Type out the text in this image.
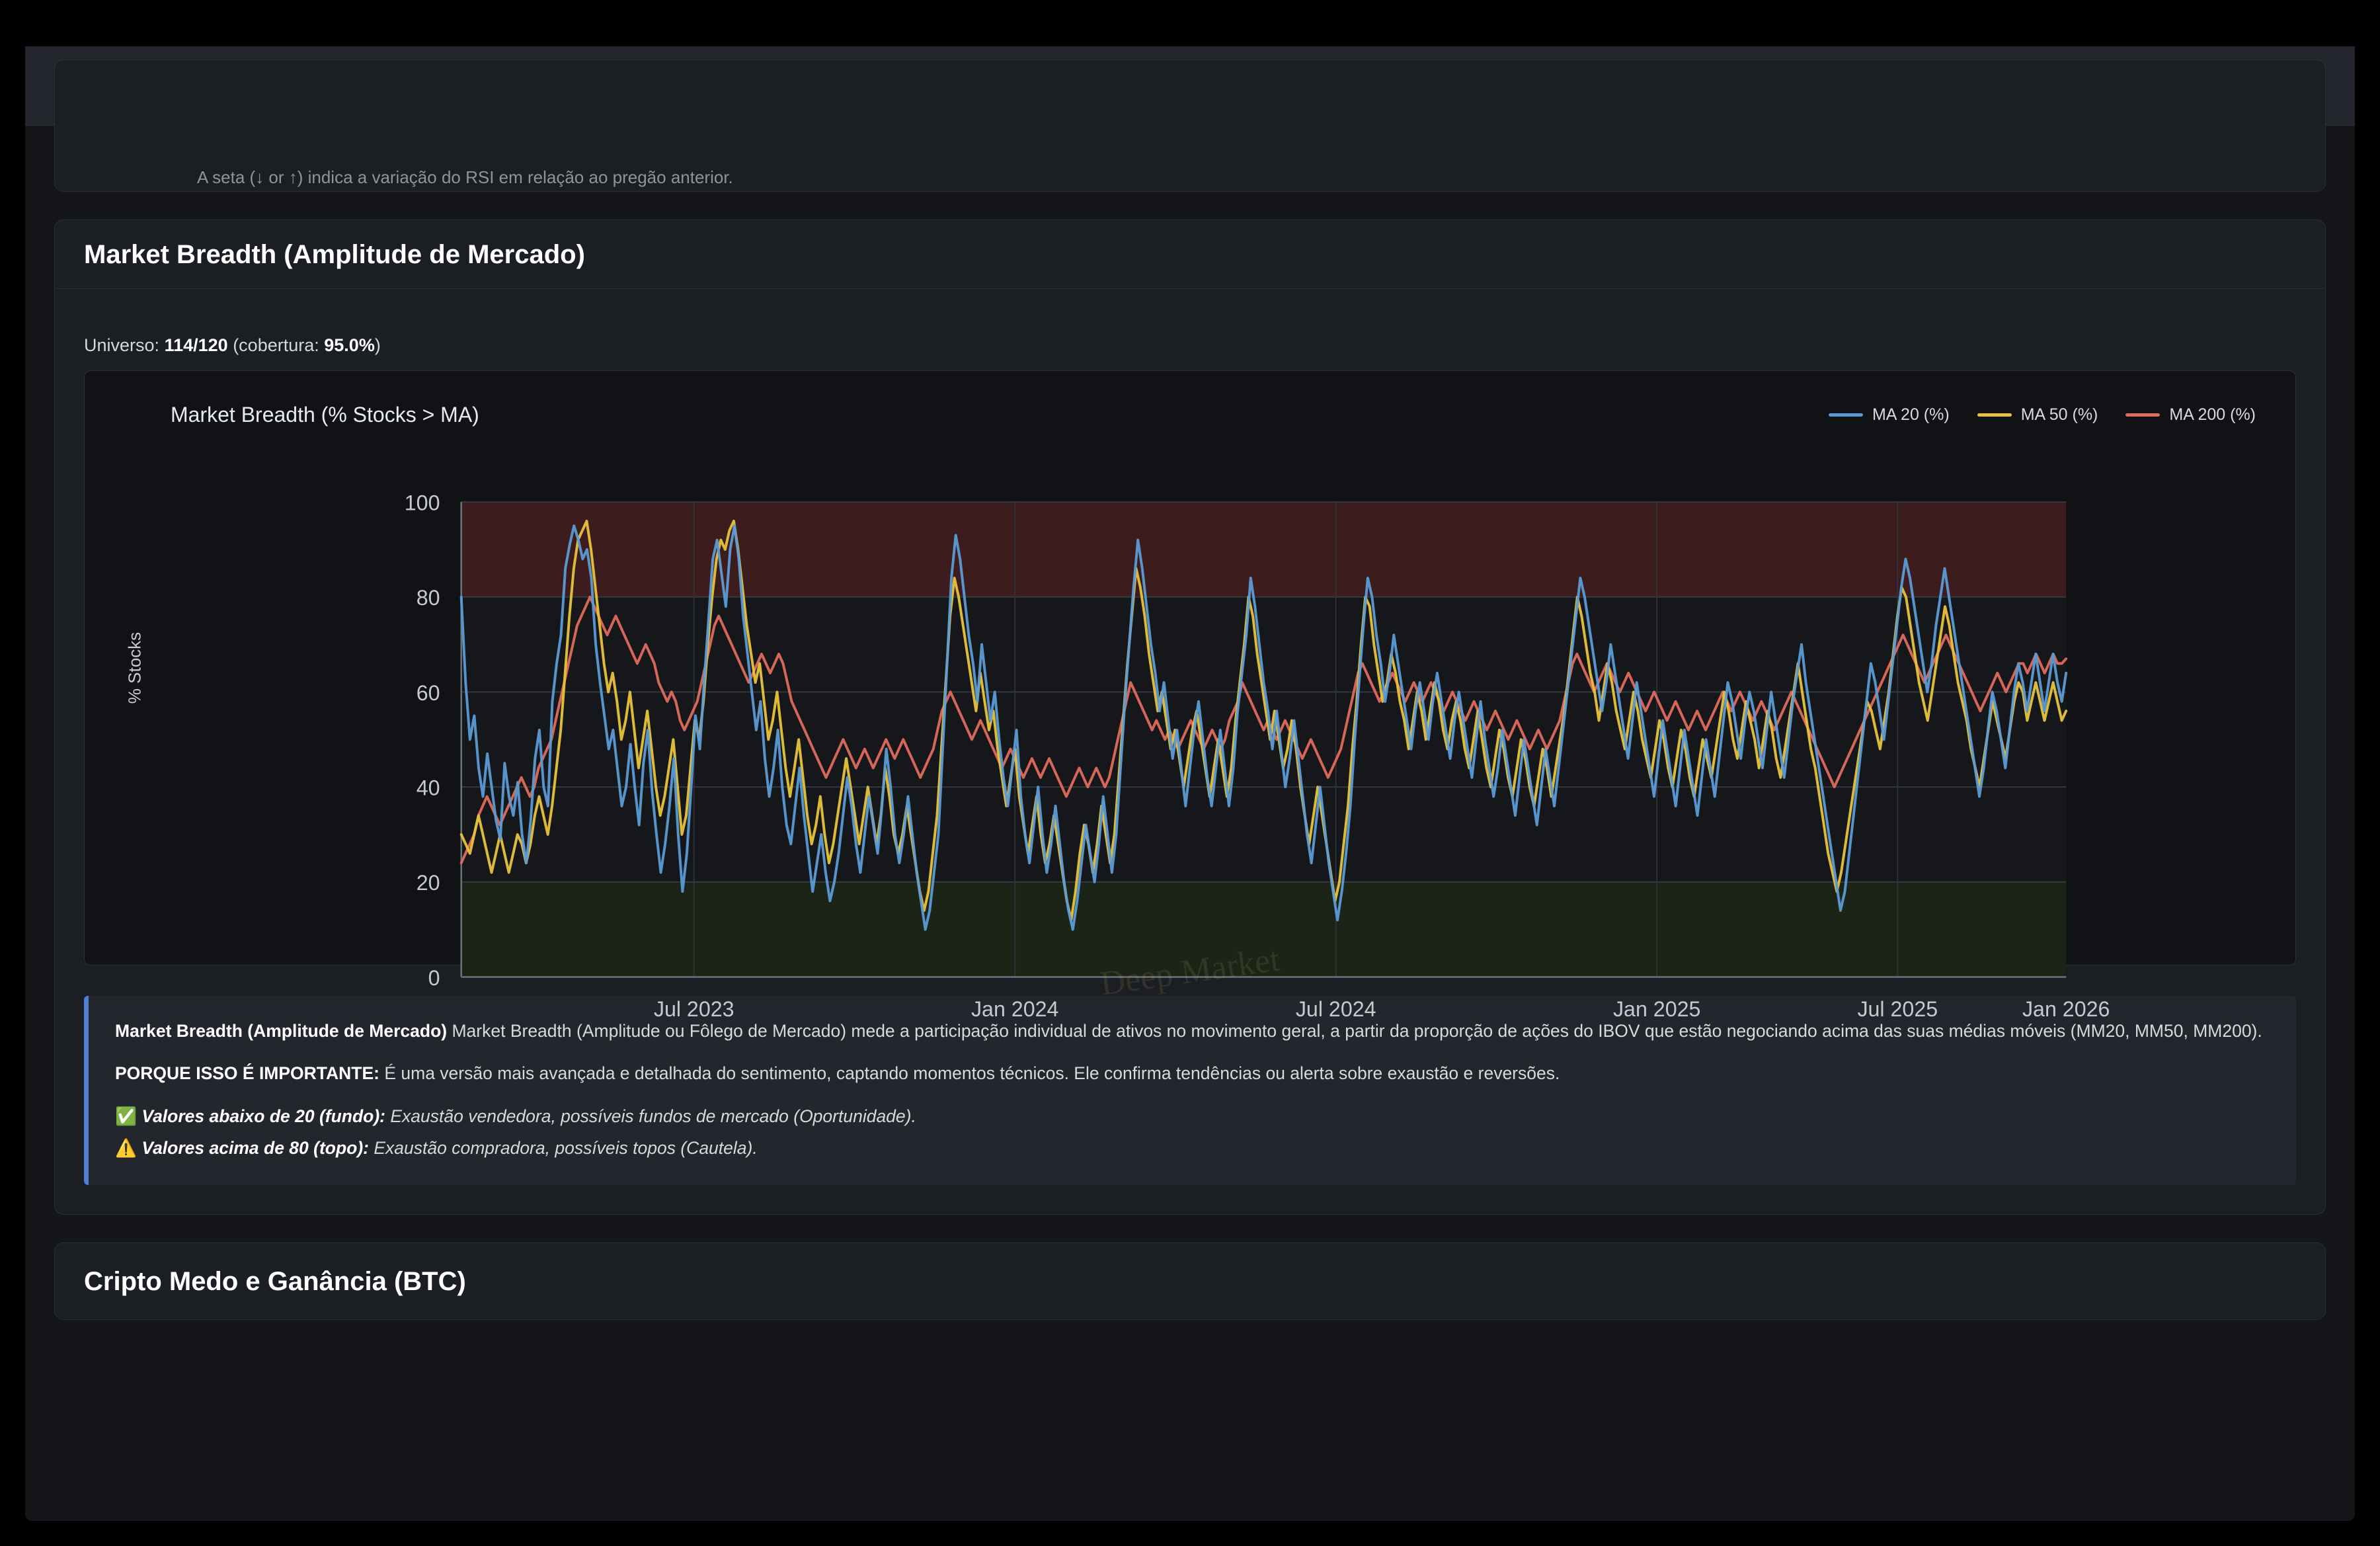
A seta (↓ or ↑) indica a variação do RSI em relação ao pregão anterior.
Market Breadth (Amplitude de Mercado)
Universo: 114/120 (cobertura: 95.0%)
Market Breadth (% Stocks > MA)	MA 20 (%)	MA 50 (%)	MA 200 (%)
% Stocks
0
20
40
60
80
100
Jul 2023	Jan 2024	Jul 2024	Jan 2025	Jul 2025	Jan 2026

Market Breadth (Amplitude de Mercado) Market Breadth (Amplitude ou Fôlego de Mercado) mede a participação individual de ativos no movimento geral, a partir da proporção de ações do IBOV que estão negociando acima das suas médias móveis (MM20, MM50, MM200).

PORQUE ISSO É IMPORTANTE: É uma versão mais avançada e detalhada do sentimento, captando momentos técnicos. Ele confirma tendências ou alerta sobre exaustão e reversões.

✅ Valores abaixo de 20 (fundo): Exaustão vendedora, possíveis fundos de mercado (Oportunidade).

⚠️ Valores acima de 80 (topo): Exaustão compradora, possíveis topos (Cautela).

Cripto Medo e Ganância (BTC)
